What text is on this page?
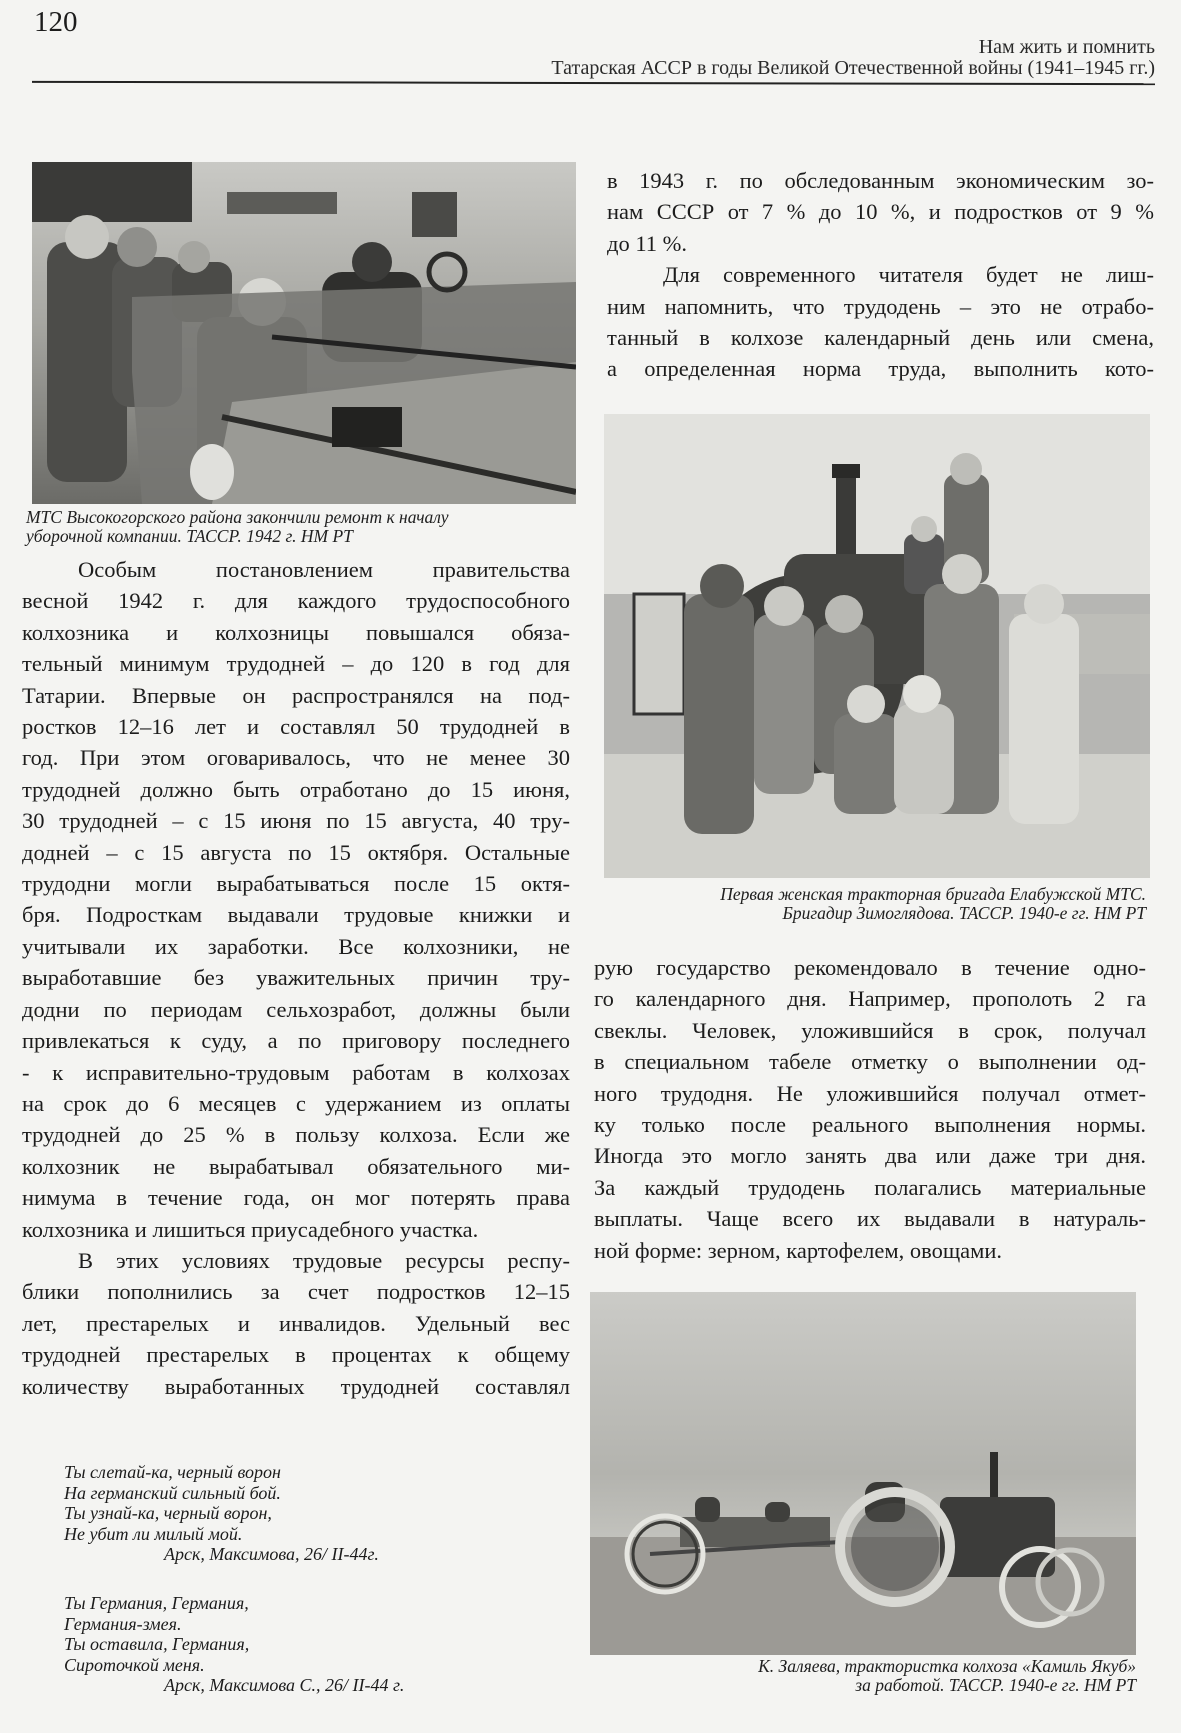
120
Нам жить и помнить
Татарская АССР в годы Великой Отечественной войны (1941–1945 гг.)
МТС Высокогорского района закончили ремонт к началу
уборочной компании. ТАССР. 1942 г. НМ РТ
Особым постановлением правительства
весной 1942 г. для каждого трудоспособного
колхозника и колхозницы повышался обяза-
тельный минимум трудодней – до 120 в год для
Татарии. Впервые он распространялся на под-
ростков 12–16 лет и составлял 50 трудодней в
год. При этом оговаривалось, что не менее 30
трудодней должно быть отработано до 15 июня,
30 трудодней – с 15 июня по 15 августа, 40 тру-
додней – с 15 августа по 15 октября. Остальные
трудодни могли вырабатываться после 15 октя-
бря. Подросткам выдавали трудовые книжки и
учитывали их заработки. Все колхозники, не
выработавшие без уважительных причин тру-
додни по периодам сельхозработ, должны были
привлекаться к суду, а по приговору последнего
- к исправительно-трудовым работам в колхозах
на срок до 6 месяцев с удержанием из оплаты
трудодней до 25 % в пользу колхоза. Если же
колхозник не вырабатывал обязательного ми-
нимума в течение года, он мог потерять права
колхозника и лишиться приусадебного участка.
В этих условиях трудовые ресурсы респу-
блики пополнились за счет подростков 12–15
лет, престарелых и инвалидов. Удельный вес
трудодней престарелых в процентах к общему
количеству выработанных трудодней составлял
Ты слетай-ка, черный ворон
На германский сильный бой.
Ты узнай-ка, черный ворон,
Не убит ли милый мой.
Арск, Максимова, 26/ II-44г.
Ты Германия, Германия,
Германия-змея.
Ты оставила, Германия,
Сироточкой меня.
Арск, Максимова С., 26/ II-44 г.
в 1943 г. по обследованным экономическим зо-
нам СССР от 7 % до 10 %, и подростков от 9 %
до 11 %.
Для современного читателя будет не лиш-
ним напомнить, что трудодень – это не отрабо-
танный в колхозе календарный день или смена,
а определенная норма труда, выполнить кото-
Первая женская тракторная бригада Елабужской МТС.
Бригадир Зимоглядова. ТАССР. 1940-е гг. НМ РТ
рую государство рекомендовало в течение одно-
го календарного дня. Например, прополоть 2 га
свеклы. Человек, уложившийся в срок, получал
в специальном табеле отметку о выполнении од-
ного трудодня. Не уложившийся получал отмет-
ку только после реального выполнения нормы.
Иногда это могло занять два или даже три дня.
За каждый трудодень полагались материальные
выплаты. Чаще всего их выдавали в натураль-
ной форме: зерном, картофелем, овощами.
К. Заляева, трактористка колхоза «Камиль Якуб»
за работой. ТАССР. 1940-е гг. НМ РТ
